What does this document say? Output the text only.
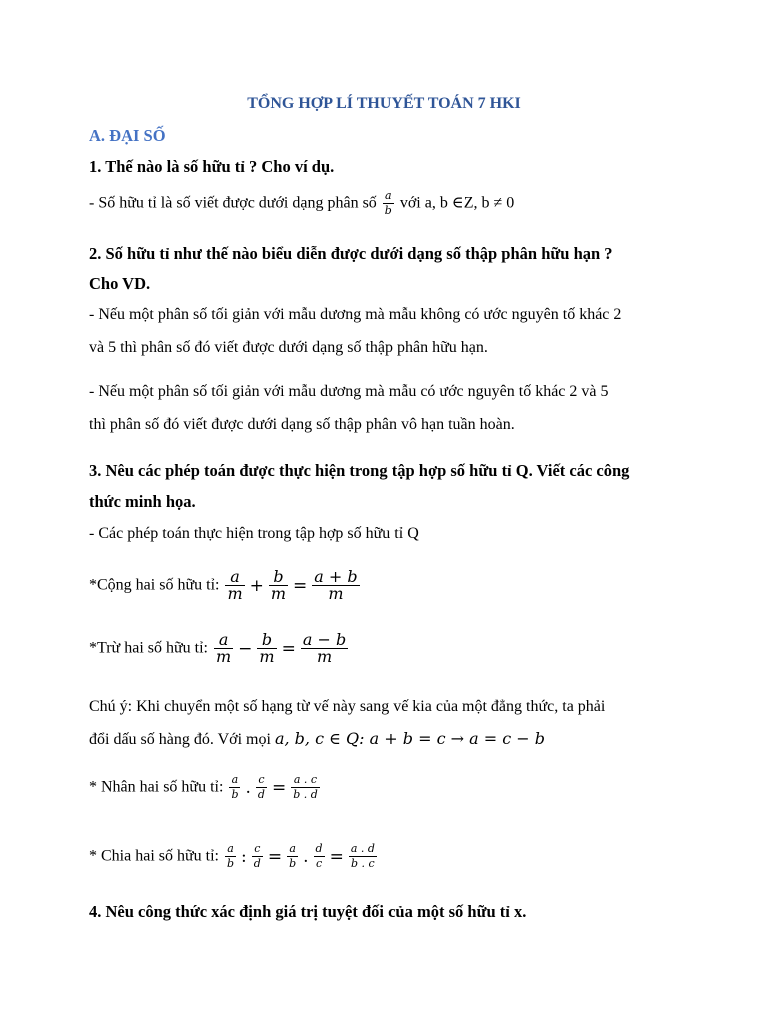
TỔNG HỢP LÍ THUYẾT TOÁN 7 HKI
A. ĐẠI SỐ
1. Thế nào là số hữu tỉ ? Cho ví dụ.
- Số hữu tỉ là số viết được dưới dạng phân số $\frac{a}{b}$ với a, b ∈Z, b ≠ 0
2. Số hữu tỉ như thế nào biểu diễn được dưới dạng số thập phân hữu hạn ?
Cho VD.
- Nếu một phân số tối giản với mẫu dương mà mẫu không có ước nguyên tố khác 2
và 5 thì phân số đó viết được dưới dạng số thập phân hữu hạn.
- Nếu một phân số tối giản với mẫu dương mà mẫu có ước nguyên tố khác 2 và 5
thì phân số đó viết được dưới dạng số thập phân vô hạn tuần hoàn.
3. Nêu các phép toán được thực hiện trong tập hợp số hữu tỉ Q. Viết các công
thức minh họa.
- Các phép toán thực hiện trong tập hợp số hữu tỉ Q
*Cộng hai số hữu tỉ: $\frac{a}{m} + \frac{b}{m} = \frac{a + b}{m}$
*Trừ hai số hữu tỉ: $\frac{a}{m} - \frac{b}{m} = \frac{a - b}{m}$
Chú ý: Khi chuyển một số hạng từ vế này sang vế kia của một đẳng thức, ta phải
đổi dấu số hàng đó. Với mọi a, b, c ∈ Q: a + b = c → a = c − b
* Nhân hai số hữu tỉ: $\frac{a}{b}$ . $\frac{c}{d} = \frac{a . c}{b . d}$
* Chia hai số hữu tỉ: $\frac{a}{b}$ : $\frac{c}{d} = \frac{a}{b}$ . $\frac{d}{c} = \frac{a . d}{b . c}$
4. Nêu công thức xác định giá trị tuyệt đối của một số hữu tỉ x.
